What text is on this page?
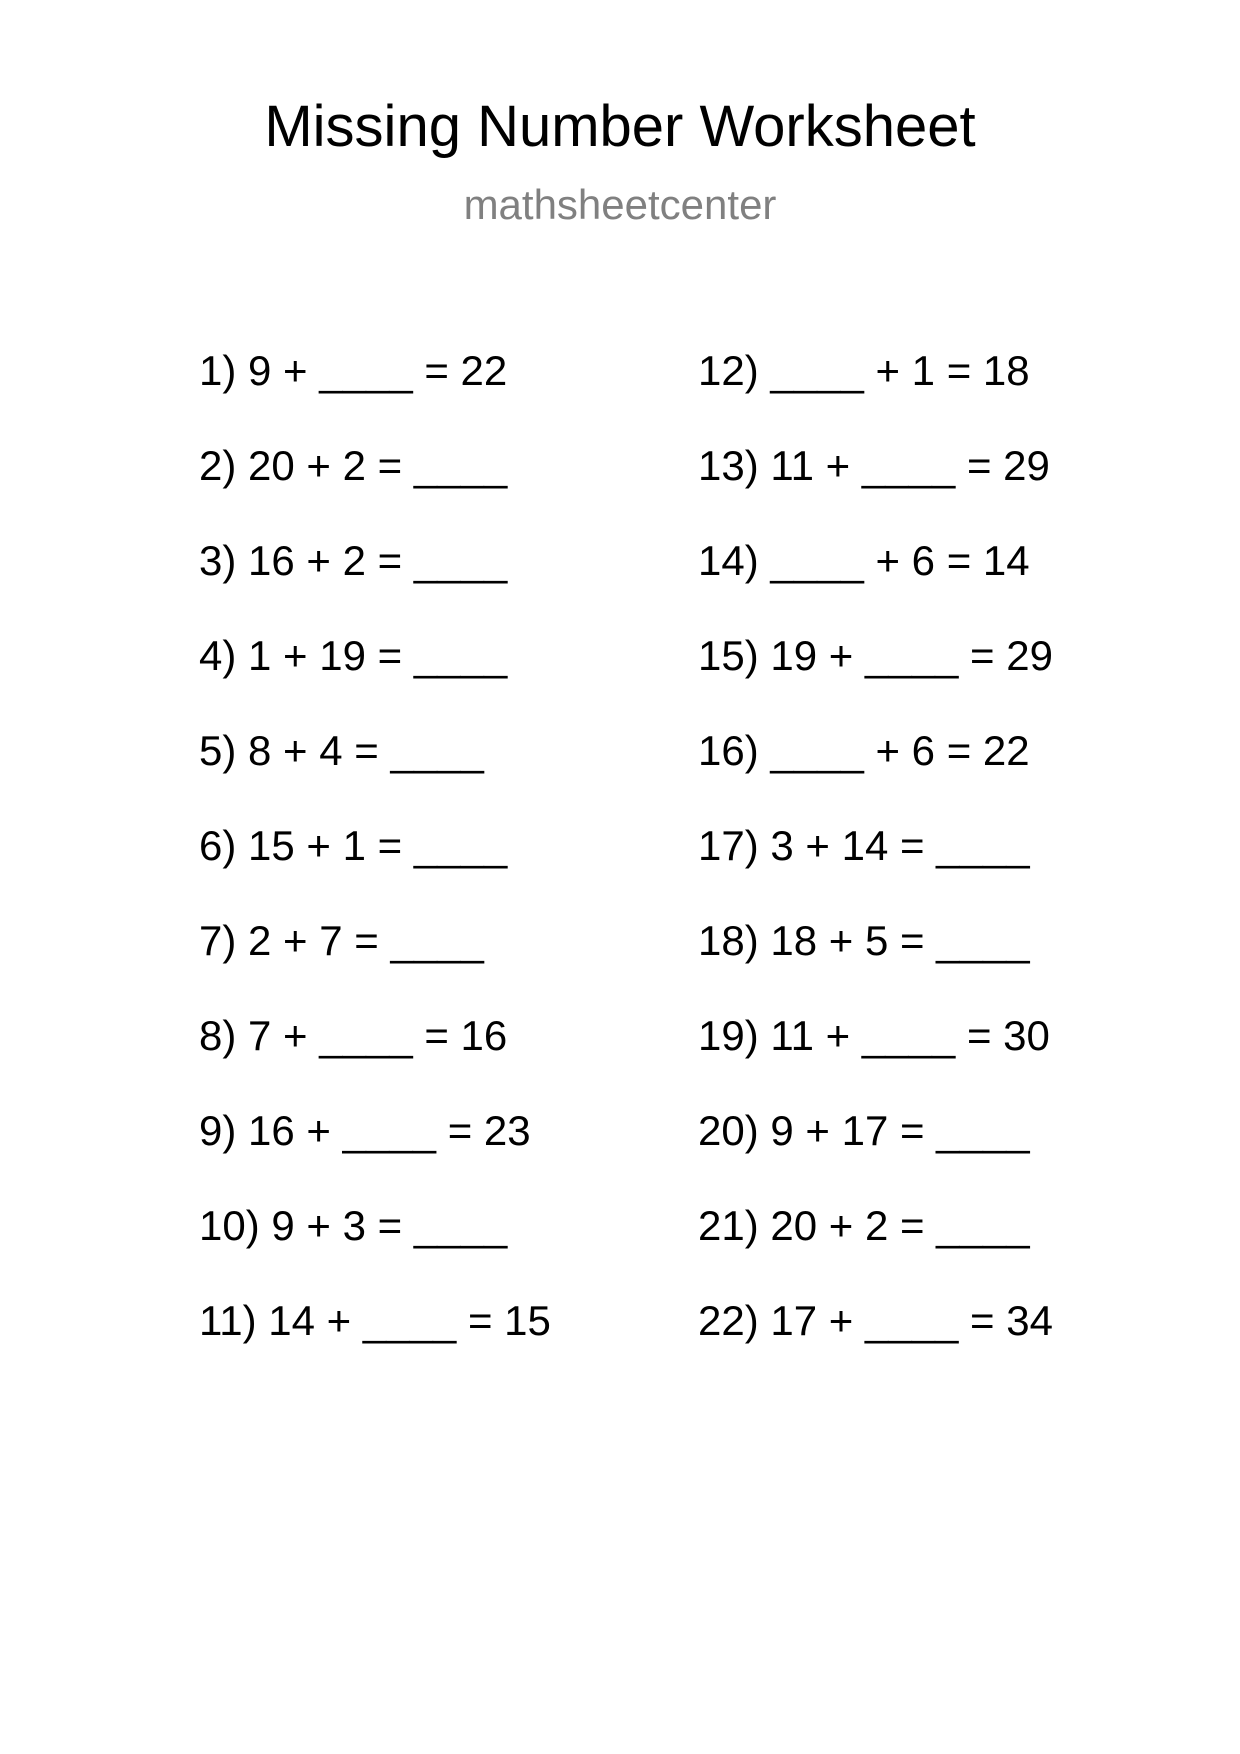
Missing Number Worksheet
mathsheetcenter
1) 9 + ____ = 22
2) 20 + 2 = ____
3) 16 + 2 = ____
4) 1 + 19 = ____
5) 8 + 4 = ____
6) 15 + 1 = ____
7) 2 + 7 = ____
8) 7 + ____ = 16
9) 16 + ____ = 23
10) 9 + 3 = ____
11) 14 + ____ = 15
12) ____ + 1 = 18
13) 11 + ____ = 29
14) ____ + 6 = 14
15) 19 + ____ = 29
16) ____ + 6 = 22
17) 3 + 14 = ____
18) 18 + 5 = ____
19) 11 + ____ = 30
20) 9 + 17 = ____
21) 20 + 2 = ____
22) 17 + ____ = 34
